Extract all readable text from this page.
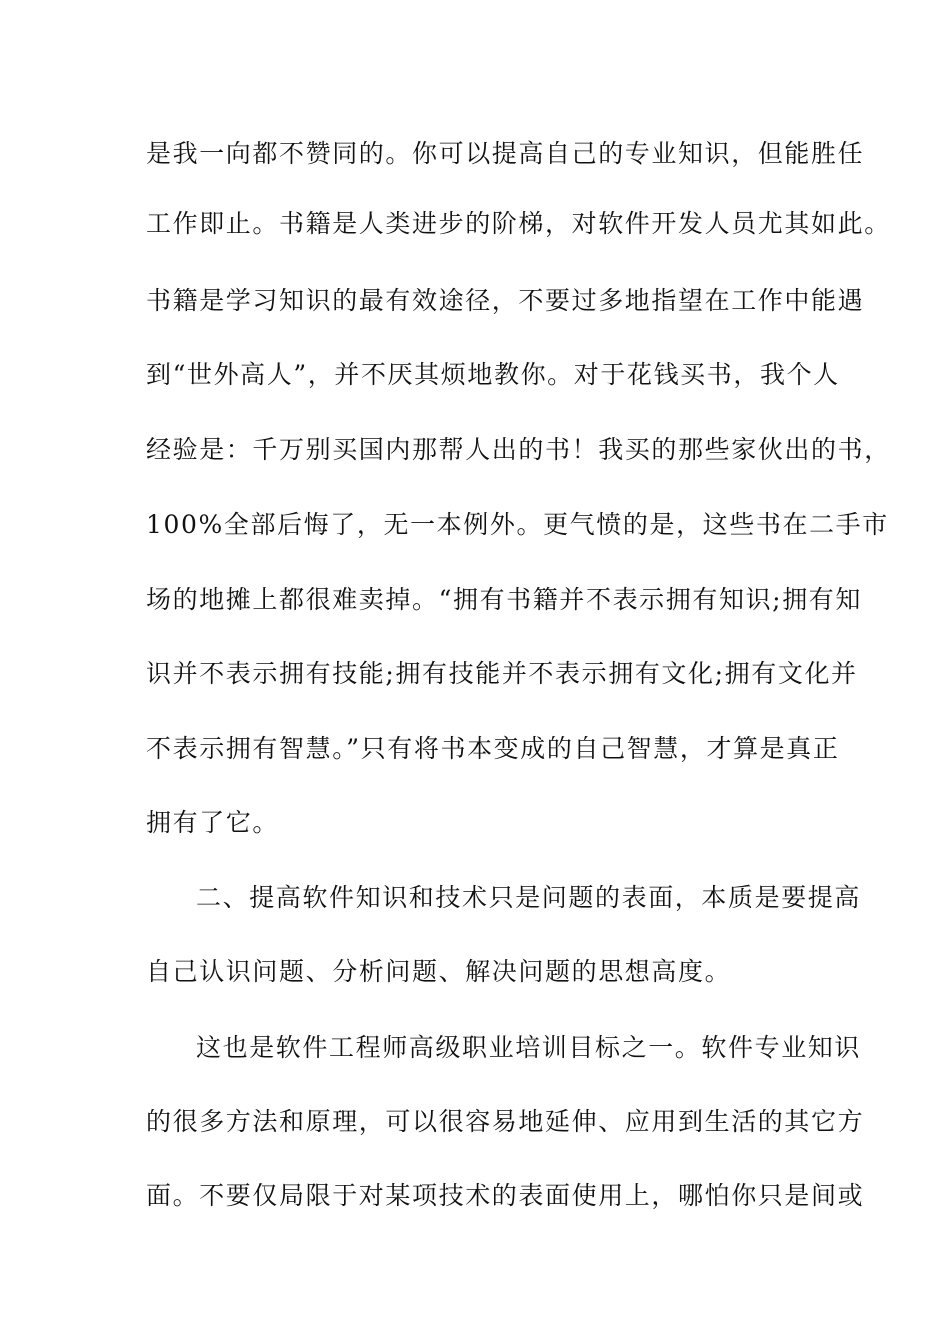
是我一向都不赞同的。你可以提高自己的专业知识，但能胜任
工作即止。书籍是人类进步的阶梯，对软件开发人员尤其如此。
书籍是学习知识的最有效途径，不要过多地指望在工作中能遇
到“世外高人”，并不厌其烦地教你。对于花钱买书，我个人
经验是：千万别买国内那帮人出的书！我买的那些家伙出的书，
100%全部后悔了，无一本例外。更气愤的是，这些书在二手市
场的地摊上都很难卖掉。“拥有书籍并不表示拥有知识;拥有知
识并不表示拥有技能;拥有技能并不表示拥有文化;拥有文化并
不表示拥有智慧。”只有将书本变成的自己智慧，才算是真正
拥有了它。
二、提高软件知识和技术只是问题的表面，本质是要提高
自己认识问题、分析问题、解决问题的思想高度。
这也是软件工程师高级职业培训目标之一。软件专业知识
的很多方法和原理，可以很容易地延伸、应用到生活的其它方
面。不要仅局限于对某项技术的表面使用上，哪怕你只是间或
